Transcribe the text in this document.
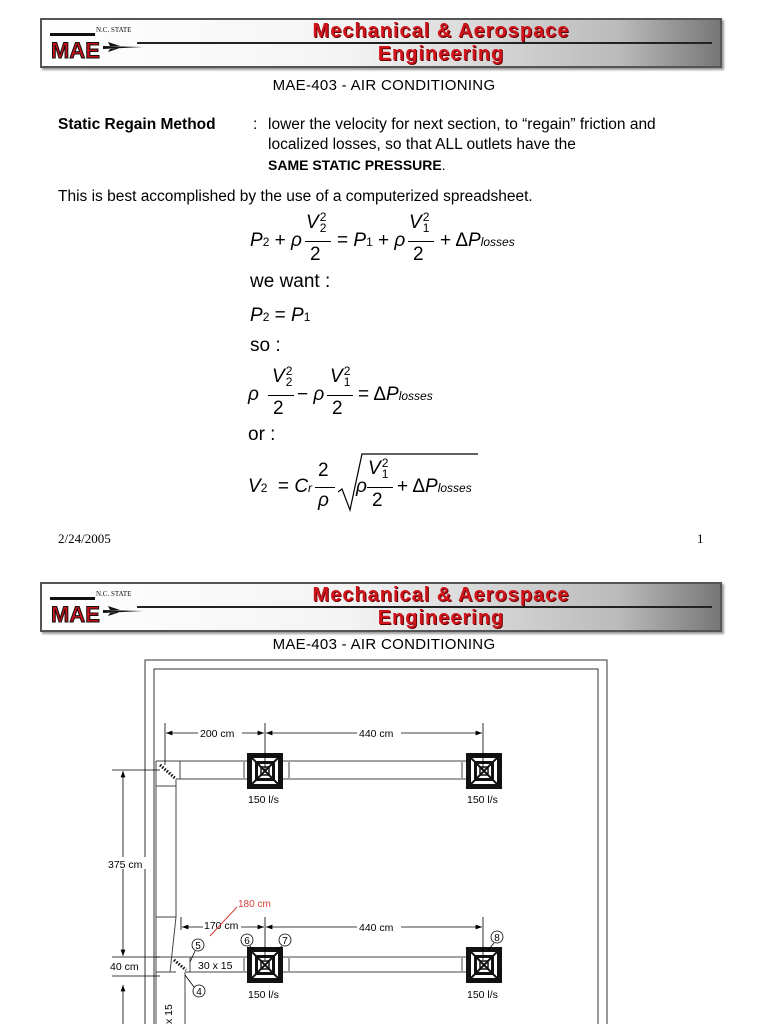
MAE
N.C. STATE	Mechanical & Aerospace
Engineering
MAE-403 - AIR CONDITIONING
Static Regain Method : lower the velocity for next section, to “regain” friction and
localized losses, so that ALL outlets have the
SAME STATIC PRESSURE.
This is best accomplished by the use of a computerized spreadsheet.
P2 + ρ
V 2
2
2
= P1 + ρ
V 2
1
2
+ ΔPlosses
we want :
P2 = P1
so :
ρ
V 2
2
2
− ρ
V 2
1
2
= ΔPlosses
or :
V2  = Cr
2
ρ
ρ
V 2
1
2
+ ΔPlosses
2/24/2005	1
MAE
N.C. STATE	Mechanical & Aerospace
Engineering
MAE-403 - AIR CONDITIONING
200 cm	440 cm
440 cm
375 cm
40 cm
170 cm
180 cm
30 x 15
x 15
150 l/s	150 l/s
150 l/s	150 l/s
4
5	6	7	8
